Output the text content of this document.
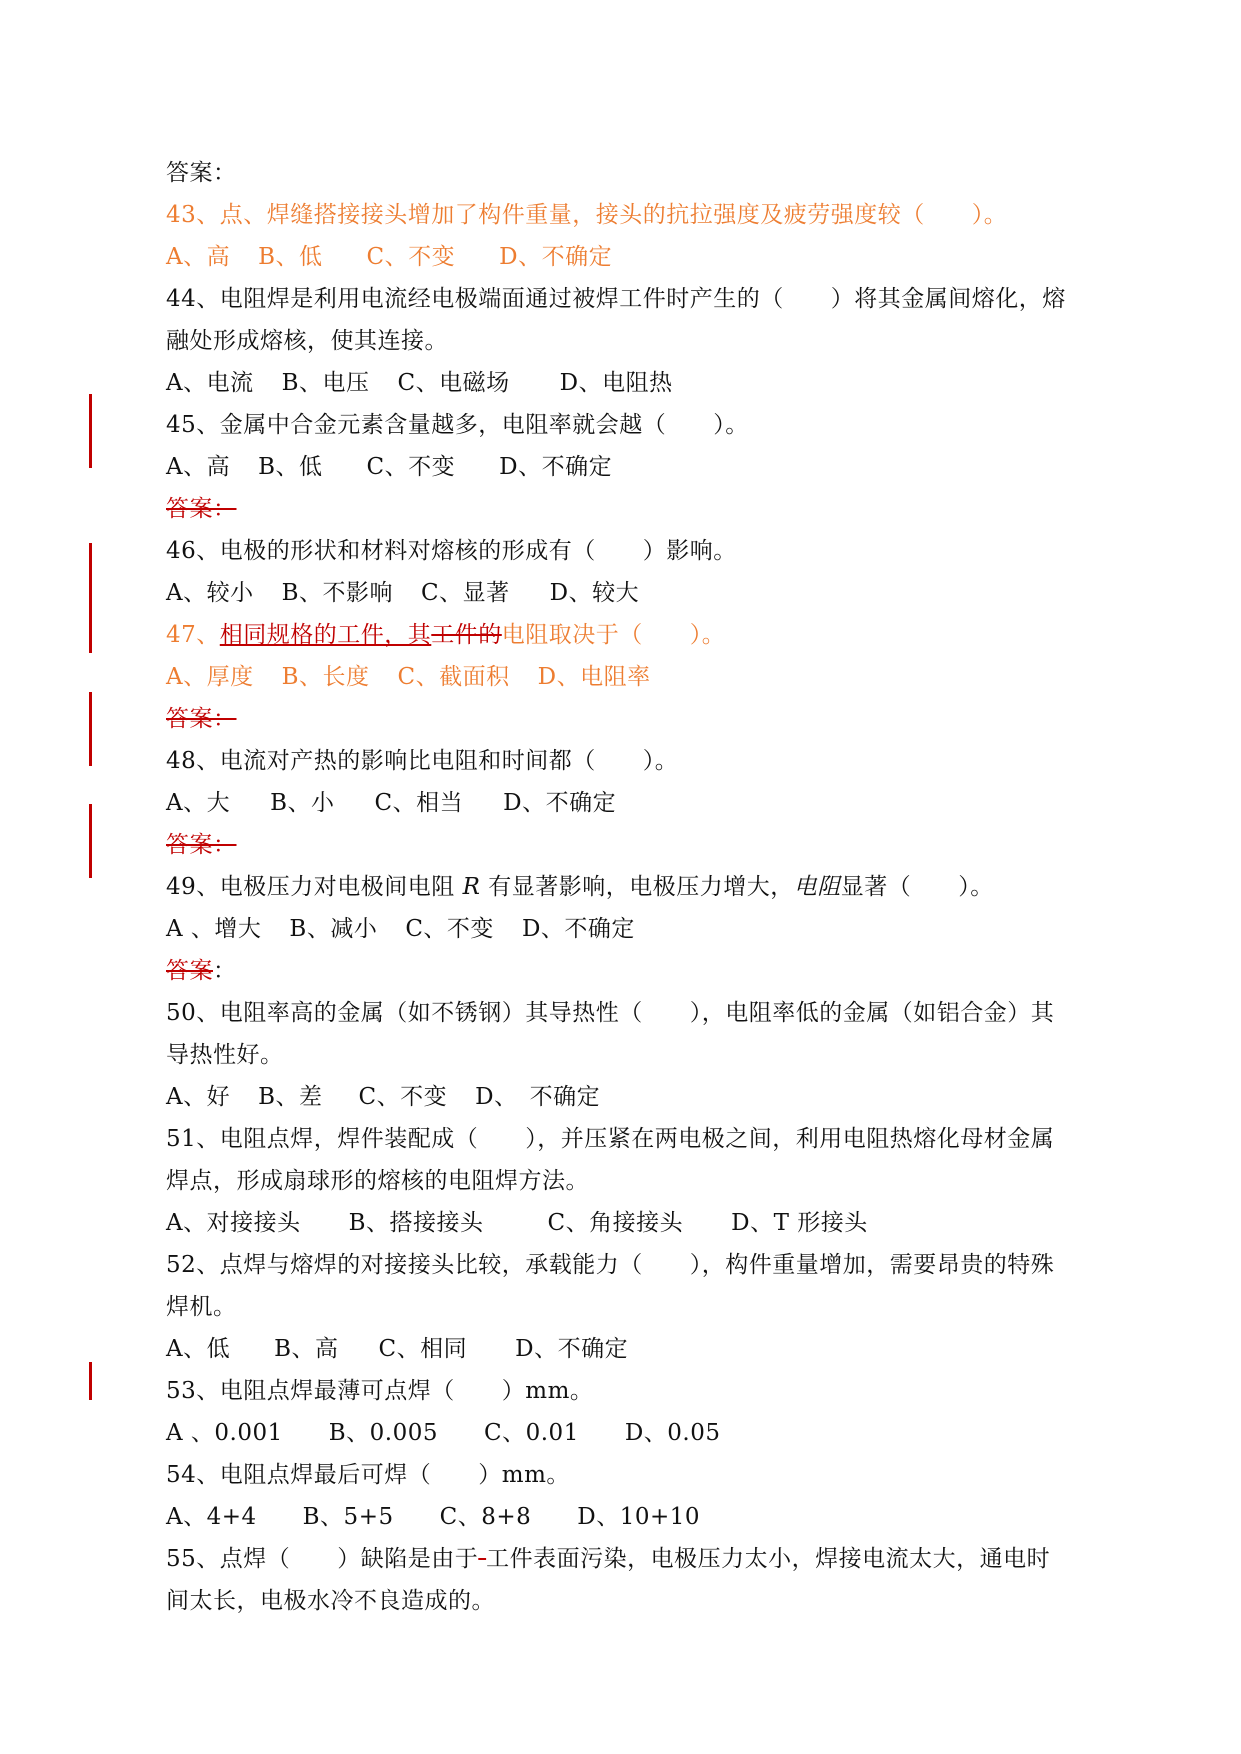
答案：
43、点、焊缝搭接接头增加了构件重量，接头的抗拉强度及疲劳强度较（　　）。
A、高 B、低 C、不变 D、不确定
44、电阻焊是利用电流经电极端面通过被焊工件时产生的（　　）将其金属间熔化，熔
融处形成熔核，使其连接。
A、电流 B、电压 C、电磁场 D、电阻热
45、金属中合金元素含量越多，电阻率就会越（　　）。
A、高 B、低 C、不变 D、不确定
答案：
46、电极的形状和材料对熔核的形成有（　　）影响。
A、较小 B、不影响 C、显著 D、较大
47、相同规格的工件，其工件的电阻取决于（　　）。
A、厚度 B、长度 C、截面积 D、电阻率
答案：
48、电流对产热的影响比电阻和时间都（　　）。
A、大 B、小 C、相当 D、不确定
答案：
49、电极压力对电极间电阻 R 有显著影响，电极压力增大，电阻显著（　　）。
A 、增大 B、减小 C、不变 D、不确定
答案：
50、电阻率高的金属（如不锈钢）其导热性（　　），电阻率低的金属（如铝合金）其
导热性好。
A、好 B、差 C、不变 D、　不确定
51、电阻点焊，焊件装配成（　　），并压紧在两电极之间，利用电阻热熔化母材金属
焊点，形成扇球形的熔核的电阻焊方法。
A、对接接头 B、搭接接头	C、角接接头 D、T 形接头
52、点焊与熔焊的对接接头比较，承载能力（　　），构件重量增加，需要昂贵的特殊
焊机。
A、低 B、高 C、相同 D、不确定
53、电阻点焊最薄可点焊（　　）mm。
A 、0.001 B、0.005 C、0.01 D、0.05
54、电阻点焊最后可焊（　　）mm。
A、4+4 B、5+5 C、8+8 D、10+10
55、点焊（　　）缺陷是由于 工件表面污染，电极压力太小，焊接电流太大，通电时
间太长，电极水冷不良造成的。
